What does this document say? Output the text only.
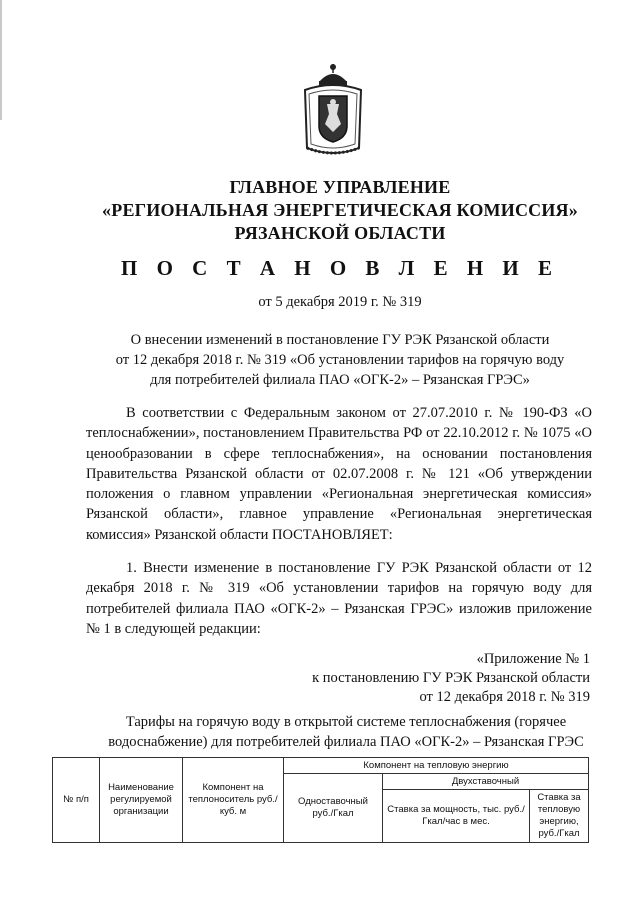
ГЛАВНОЕ УПРАВЛЕНИЕ
«РЕГИОНАЛЬНАЯ ЭНЕРГЕТИЧЕСКАЯ КОМИССИЯ»
РЯЗАНСКОЙ ОБЛАСТИ
П О С Т А Н О В Л Е Н И Е
от 5 декабря 2019 г. № 319
О внесении изменений в постановление ГУ РЭК Рязанской области
от 12 декабря 2018 г. № 319 «Об установлении тарифов на горячую воду
для потребителей филиала ПАО «ОГК-2» – Рязанская ГРЭС»

В соответствии с Федеральным законом от 27.07.2010 г. № 190-ФЗ «О теплоснабжении», постановлением Правительства РФ от 22.10.2012 г. № 1075 «О ценообразовании в сфере теплоснабжения», на основании постановления Правительства Рязанской области от 02.07.2008 г. № 121 «Об утверждении положения о главном управлении «Региональная энергетическая комиссия» Рязанской области», главное управление «Региональная энергетическая комиссия» Рязанской области ПОСТАНОВЛЯЕТ:

1. Внести изменение в постановление ГУ РЭК Рязанской области от 12 декабря 2018 г. № 319 «Об установлении тарифов на горячую воду для потребителей филиала ПАО «ОГК-2» – Рязанская ГРЭС» изложив приложение № 1 в следующей редакции:

«Приложение № 1
к постановлению ГУ РЭК Рязанской области
от 12 декабря 2018 г. № 319
Тарифы на горячую воду в открытой системе теплоснабжения (горячее
водоснабжение) для потребителей филиала ПАО «ОГК-2» – Рязанская ГРЭС
№ п/п	Наименование регулируемой организации	Компонент на теплоноситель руб./куб. м	Компонент на тепловую энергию		
			Одноставочный руб./Гкал	Двухставочный	
				Ставка за мощность, тыс. руб./Гкал/час в мес.	Ставка за тепловую энергию, руб./Гкал
